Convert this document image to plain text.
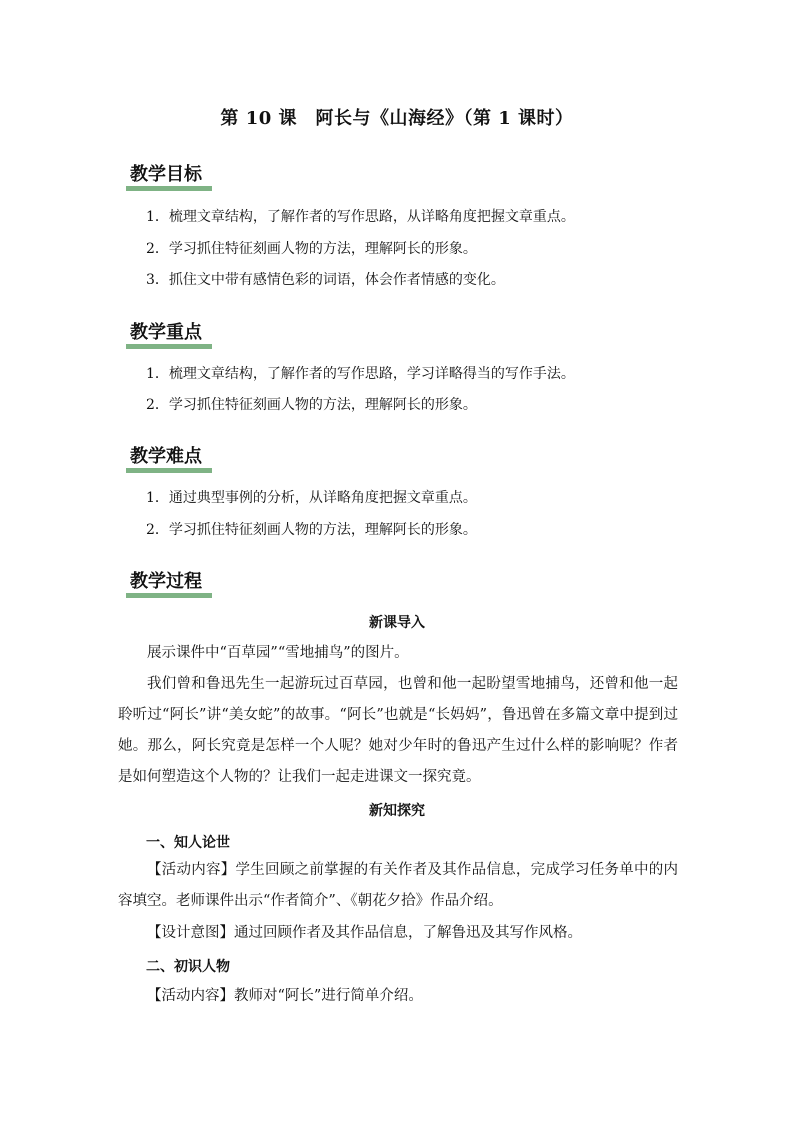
第 10 课　阿长与《山海经》（第 1 课时）
教学目标
1．梳理文章结构，了解作者的写作思路，从详略角度把握文章重点。
2．学习抓住特征刻画人物的方法，理解阿长的形象。
3．抓住文中带有感情色彩的词语，体会作者情感的变化。
教学重点
1．梳理文章结构，了解作者的写作思路，学习详略得当的写作手法。
2．学习抓住特征刻画人物的方法，理解阿长的形象。
教学难点
1．通过典型事例的分析，从详略角度把握文章重点。
2．学习抓住特征刻画人物的方法，理解阿长的形象。
教学过程
新课导入
展示课件中“百草园”“雪地捕鸟”的图片。
我们曾和鲁迅先生一起游玩过百草园，也曾和他一起盼望雪地捕鸟，还曾和他一起聆听过“阿长”讲“美女蛇”的故事。“阿长”也就是“长妈妈”，鲁迅曾在多篇文章中提到过她。那么，阿长究竟是怎样一个人呢？她对少年时的鲁迅产生过什么样的影响呢？作者是如何塑造这个人物的？让我们一起走进课文一探究竟。
新知探究
一、知人论世
【活动内容】学生回顾之前掌握的有关作者及其作品信息，完成学习任务单中的内容填空。老师课件出示“作者简介”、《朝花夕拾》作品介绍。
【设计意图】通过回顾作者及其作品信息，了解鲁迅及其写作风格。
二、初识人物
【活动内容】教师对“阿长”进行简单介绍。
